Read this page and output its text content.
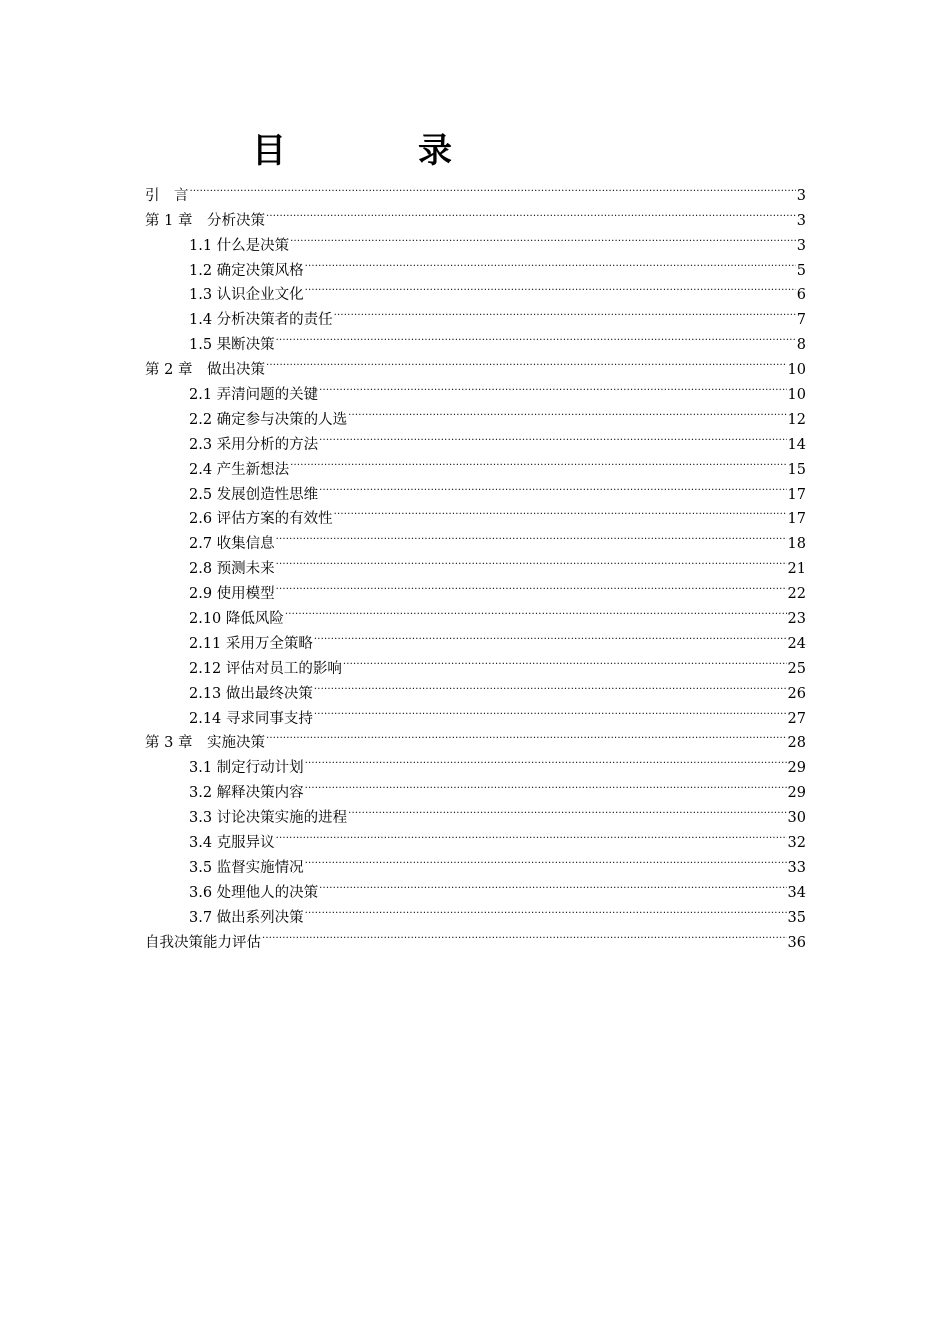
目	录
引　言 .....	3
第 1 章　分析决策 .....	3
1.1 什么是决策 .....	3
1.2 确定决策风格 .....	5
1.3 认识企业文化 .....	6
1.4 分析决策者的责任 .....	7
1.5 果断决策 .....	8
第 2 章　做出决策 .....	10
2.1 弄清问题的关键 .....	10
2.2 确定参与决策的人选 .....	12
2.3 采用分析的方法 .....	14
2.4 产生新想法 .....	15
2.5 发展创造性思维 .....	17
2.6 评估方案的有效性 .....	17
2.7 收集信息 .....	18
2.8 预测未来 .....	21
2.9 使用模型 .....	22
2.10 降低风险 .....	23
2.11 采用万全策略 .....	24
2.12 评估对员工的影响 .....	25
2.13 做出最终决策 .....	26
2.14 寻求同事支持 .....	27
第 3 章　实施决策 .....	28
3.1 制定行动计划 .....	29
3.2 解释决策内容 .....	29
3.3 讨论决策实施的进程 .....	30
3.4 克服异议 .....	32
3.5 监督实施情况 .....	33
3.6 处理他人的决策 .....	34
3.7 做出系列决策 .....	35
自我决策能力评估 .....	36
